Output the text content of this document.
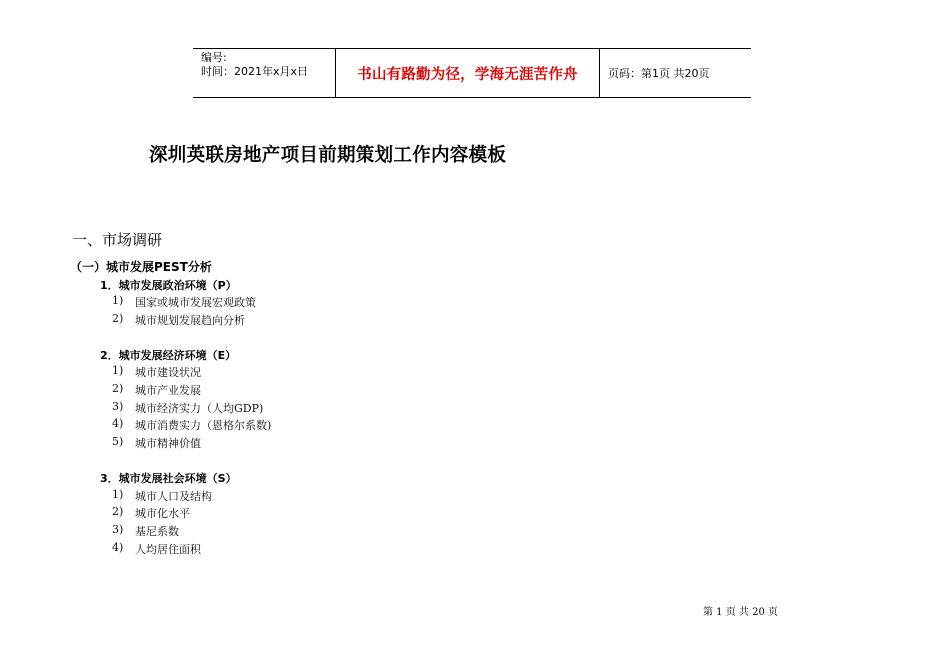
编号:
时间：2021年x月x日	书山有路勤为径，学海无涯苦作舟	页码：第1页 共20页
深圳英联房地产项目前期策划工作内容模板
一、市场调研
（一）城市发展PEST分析
1．城市发展政治环境（P）
1) 国家或城市发展宏观政策
2) 城市规划发展趋向分析
2．城市发展经济环境（E）
1) 城市建设状况
2) 城市产业发展
3) 城市经济实力（人均GDP)
4) 城市消费实力（恩格尔系数)
5) 城市精神价值
3．城市发展社会环境（S）
1) 城市人口及结构
2) 城市化水平
3) 基尼系数
4) 人均居住面积
第 1 页 共 20 页
